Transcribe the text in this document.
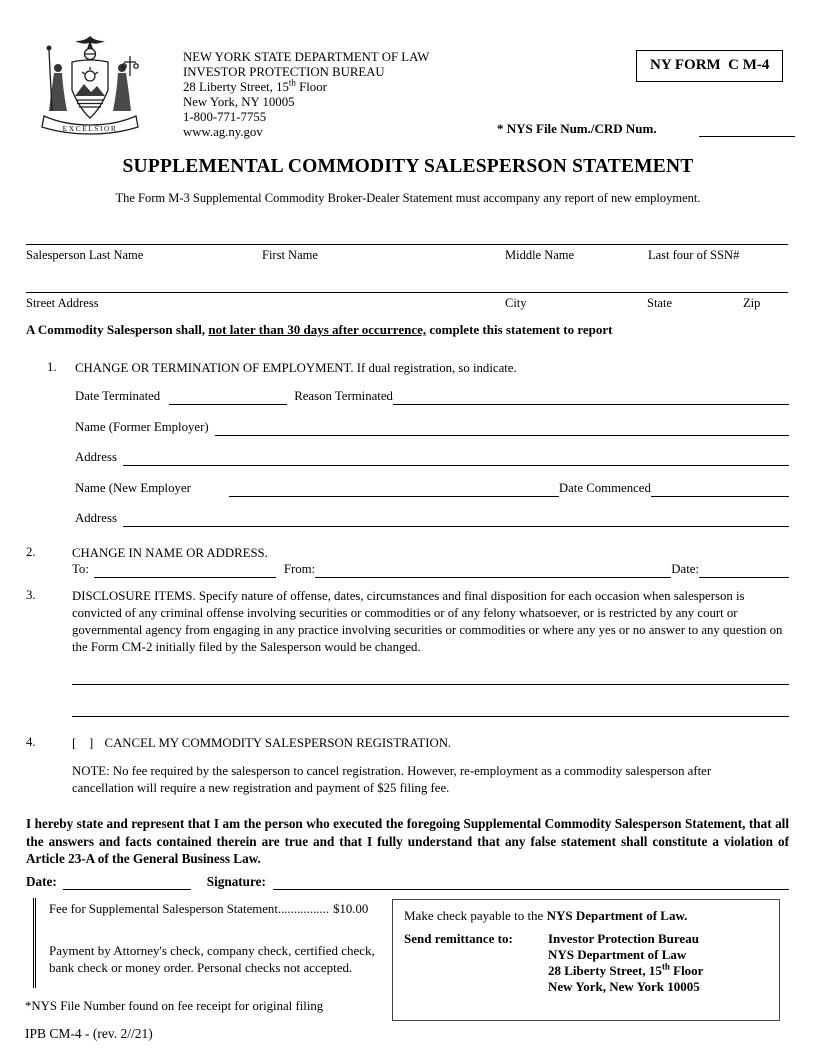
EXCELSIOR
NEW YORK STATE DEPARTMENT OF LAW
INVESTOR PROTECTION BUREAU
28 Liberty Street, 15th Floor
New York, NY 10005
1-800-771-7755
www.ag.ny.gov
NY FORM  C M-4
* NYS File Num./CRD Num.
SUPPLEMENTAL COMMODITY SALESPERSON STATEMENT
The Form M-3 Supplemental Commodity Broker-Dealer Statement must accompany any report of new employment.
Salesperson Last Name	First Name	Middle Name	Last four of SSN#
Street Address	City	State	Zip
A Commodity Salesperson shall, not later than 30 days after occurrence, complete this statement to report
1. CHANGE OR TERMINATION OF EMPLOYMENT. If dual registration, so indicate.
Date Terminated	Reason Terminated
Name (Former Employer)
Address
Name (New Employer	Date Commenced
Address
2.	CHANGE IN NAME OR ADDRESS.
To:	From:	Date:
3.	DISCLOSURE ITEMS. Specify nature of offense, dates, circumstances and final disposition for each occasion when salesperson is convicted of any criminal offense involving securities or commodities or of any felony whatsoever, or is restricted by any court or governmental agency from engaging in any practice involving securities or commodities or where any yes or no answer to any question on the Form CM-2 initially filed by the Salesperson would be changed.
4.	[    ] CANCEL MY COMMODITY SALESPERSON REGISTRATION.
NOTE: No fee required by the salesperson to cancel registration. However, re-employment as a commodity salesperson after cancellation will require a new registration and payment of $25 filing fee.
I hereby state and represent that I am the person who executed the foregoing Supplemental Commodity Salesperson Statement, that all the answers and facts contained therein are true and that I fully understand that any false statement shall constitute a violation of Article 23-A of the General Business Law.
Date:	Signature:
Fee for Supplemental Salesperson Statement ................ $10.00
Payment by Attorney's check, company check, certified check, bank check or money order. Personal checks not accepted.
Make check payable to the NYS Department of Law.
Send remittance to:	Investor Protection Bureau
NYS Department of Law
28 Liberty Street, 15th Floor
New York, New York 10005
*NYS File Number found on fee receipt for original filing
IPB CM-4 - (rev. 2//21)
